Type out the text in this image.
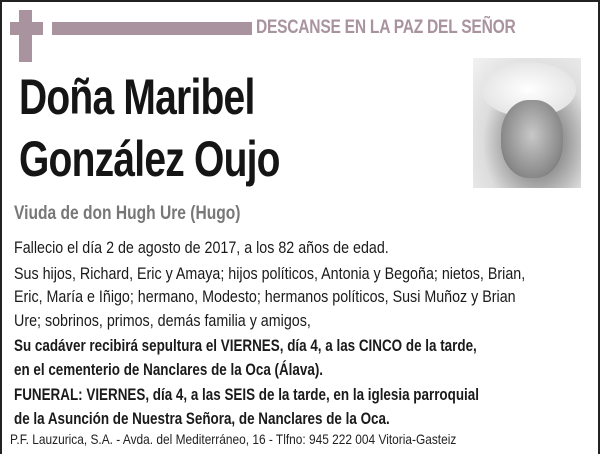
DESCANSE EN LA PAZ DEL SEÑOR
Doña Maribel
González Oujo
Viuda de don Hugh Ure (Hugo)
Fallecio el día 2 de agosto de 2017, a los 82 años de edad.
Sus hijos, Richard, Eric y Amaya; hijos políticos, Antonia y Begoña; nietos, Brian,
Eric, María e Iñigo; hermano, Modesto; hermanos políticos, Susi Muñoz y Brian
Ure; sobrinos, primos, demás familia y amigos,
Su cadáver recibirá sepultura el VIERNES, día 4, a las CINCO de la tarde,
en el cementerio de Nanclares de la Oca (Álava).
FUNERAL: VIERNES, día 4, a las SEIS de la tarde, en la iglesia parroquial
de la Asunción de Nuestra Señora, de Nanclares de la Oca.
P.F. Lauzurica, S.A. - Avda. del Mediterráneo, 16 - Tlfno: 945 222 004 Vitoria-Gasteiz
